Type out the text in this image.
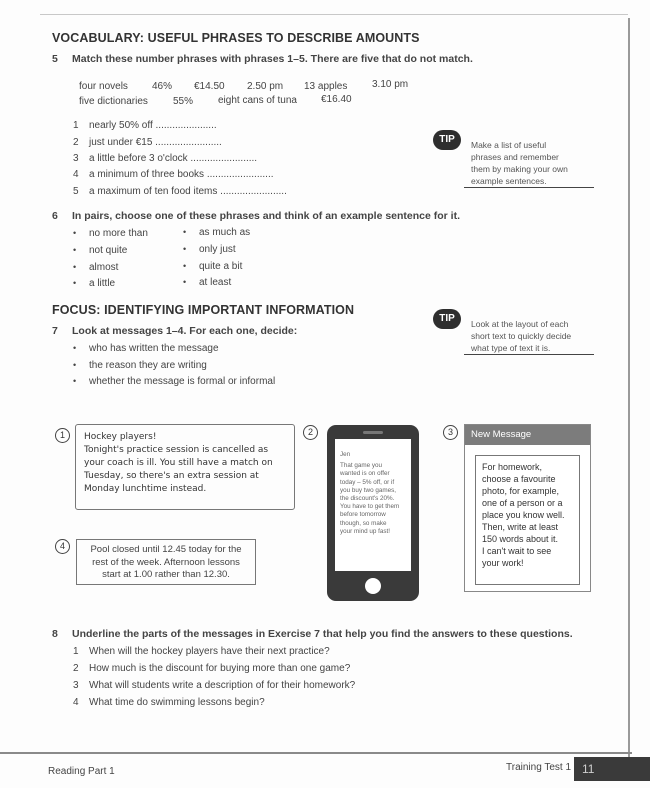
VOCABULARY: USEFUL PHRASES TO DESCRIBE AMOUNTS
5 Match these number phrases with phrases 1–5. There are five that do not match.
four novels 46% €14.50 2.50 pm 13 apples 3.10 pm
five dictionaries	55% eight cans of tuna €16.40
1 nearly 50% off ......................
2 just under €15 ........................
3 a little before 3 o'clock ........................
4 a minimum of three books ........................
5 a maximum of ten food items ........................
TIP	Make a list of useful
phrases and remember
them by making your own
example sentences.
6 In pairs, choose one of these phrases and think of an example sentence for it.
• no more than
• not quite
• almost
• a little
• as much as
• only just
• quite a bit
• at least
FOCUS: IDENTIFYING IMPORTANT INFORMATION
7 Look at messages 1–4. For each one, decide:
• who has written the message
• the reason they are writing
• whether the message is formal or informal
TIP	Look at the layout of each
short text to quickly decide
what type of text it is.
1	Hockey players!
Tonight's practice session is cancelled as
your coach is ill. You still have a match on
Tuesday, so there's an extra session at
Monday lunchtime instead.
4	Pool closed until 12.45 today for the
rest of the week. Afternoon lessons
start at 1.00 rather than 12.30.
2
Jen
That game you
wanted is on offer
today – 5% off, or if
you buy two games,
the discount's 20%.
You have to get them
before tomorrow
though, so make
your mind up fast!
3	New Message
For homework,
choose a favourite
photo, for example,
one of a person or a
place you know well.
Then, write at least
150 words about it.
I can't wait to see
your work!
8 Underline the parts of the messages in Exercise 7 that help you find the answers to these questions.
1 When will the hockey players have their next practice?
2 How much is the discount for buying more than one game?
3 What will students write a description of for their homework?
4 What time do swimming lessons begin?
Reading Part 1	Training Test 1 11
